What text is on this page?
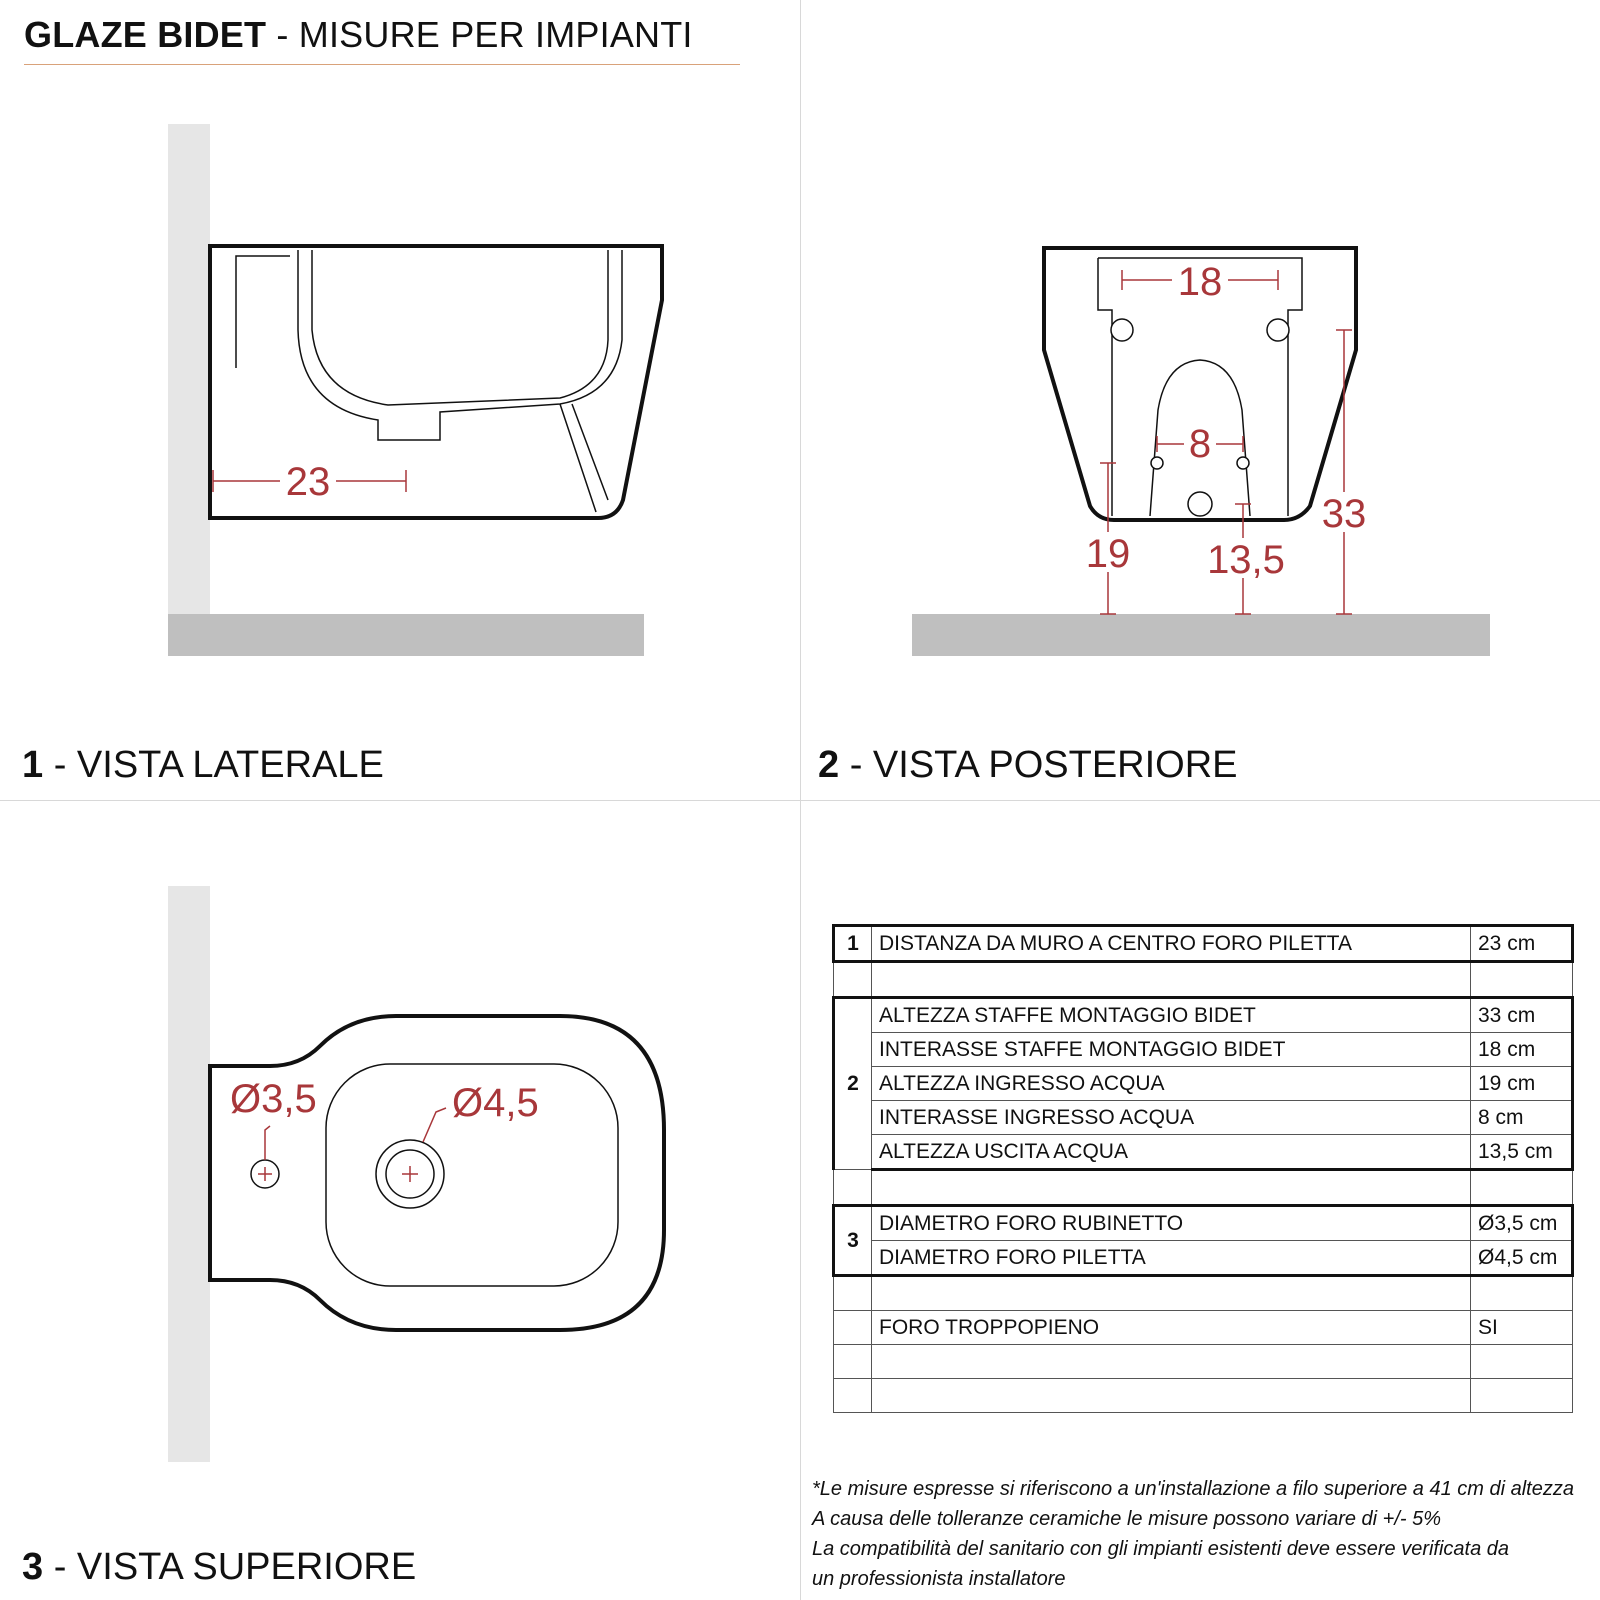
GLAZE BIDET - MISURE PER IMPIANTI
23
1 - VISTA LATERALE
18
8
19 13,5
33
2 - VISTA POSTERIORE
Ø3,5	Ø4,5
3 - VISTA SUPERIORE
1	DISTANZA DA MURO A CENTRO FORO PILETTA	23 cm

2	ALTEZZA STAFFE MONTAGGIO BIDET	33 cm
	INTERASSE STAFFE MONTAGGIO BIDET	18 cm
	ALTEZZA INGRESSO ACQUA	19 cm
	INTERASSE INGRESSO ACQUA	8 cm
	ALTEZZA USCITA ACQUA	13,5 cm

3	DIAMETRO FORO RUBINETTO	Ø3,5 cm
	DIAMETRO FORO PILETTA	Ø4,5 cm

	FORO TROPPOPIENO	SI

*Le misure espresse si riferiscono a un'installazione a filo superiore a 41 cm di altezza
A causa delle tolleranze ceramiche le misure possono variare di +/- 5%
La compatibilità del sanitario con gli impianti esistenti deve essere verificata da
un professionista installatore
